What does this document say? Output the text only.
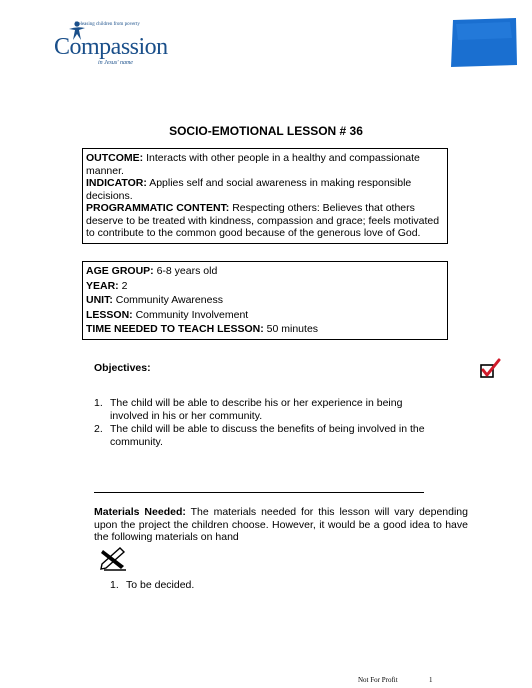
Releasing children from poverty
Compassion
in Jesus' name
SOCIO-EMOTIONAL LESSON # 36

OUTCOME: Interacts with other people in a healthy and compassionate manner.

INDICATOR: Applies self and social awareness in making responsible decisions.

PROGRAMMATIC CONTENT: Respecting others: Believes that others deserve to be treated with kindness, compassion and grace; feels motivated to contribute to the common good because of the generous love of God.

AGE GROUP: 6-8 years old

YEAR: 2

UNIT: Community Awareness

LESSON: Community Involvement

TIME NEEDED TO TEACH LESSON: 50 minutes

Objectives:
1. The child will be able to describe his or her experience in being involved in his or her community.
2. The child will be able to discuss the benefits of being involved in the community.
Materials Needed: The materials needed for this lesson will vary depending upon the project the children choose. However, it would be a good idea to have the following materials on hand
1. To be decided.
Not For Profit	1
